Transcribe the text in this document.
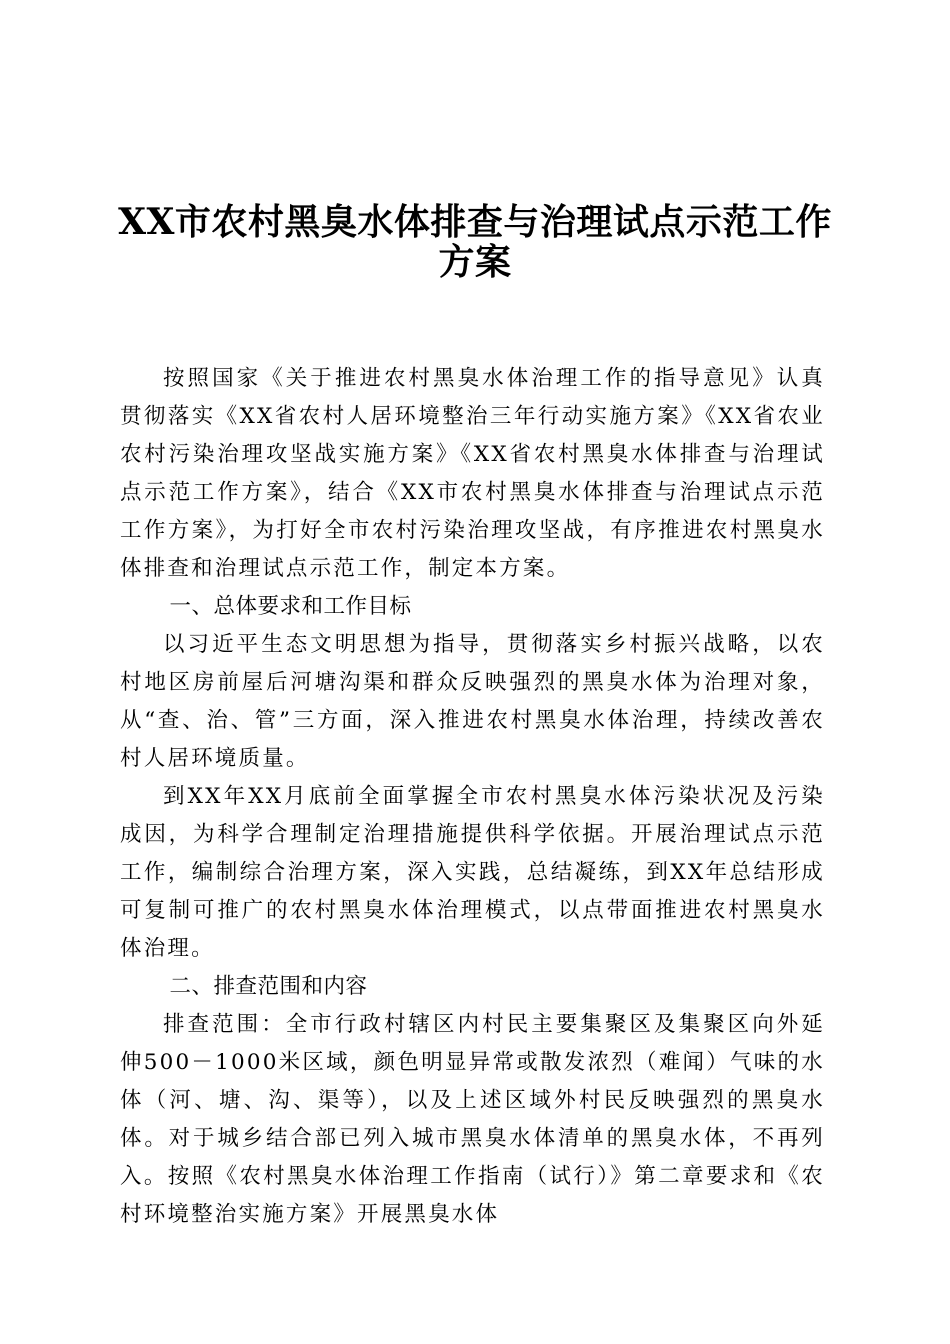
XX市农村黑臭水体排查与治理试点示范工作
方案

按照国家《关于推进农村黑臭水体治理工作的指导意见》认真贯彻落实《XX省农村人居环境整治三年行动实施方案》《XX省农业农村污染治理攻坚战实施方案》《XX省农村黑臭水体排查与治理试点示范工作方案》，结合《XX市农村黑臭水体排查与治理试点示范工作方案》，为打好全市农村污染治理攻坚战，有序推进农村黑臭水体排查和治理试点示范工作，制定本方案。

一、总体要求和工作目标

以习近平生态文明思想为指导，贯彻落实乡村振兴战略，以农村地区房前屋后河塘沟渠和群众反映强烈的黑臭水体为治理对象，从“查、治、管”三方面，深入推进农村黑臭水体治理，持续改善农村人居环境质量。

到XX年XX月底前全面掌握全市农村黑臭水体污染状况及污染成因，为科学合理制定治理措施提供科学依据。开展治理试点示范工作，编制综合治理方案，深入实践，总结凝练，到XX年总结形成可复制可推广的农村黑臭水体治理模式，以点带面推进农村黑臭水体治理。

二、排查范围和内容

排查范围：全市行政村辖区内村民主要集聚区及集聚区向外延伸500－1000米区域，颜色明显异常或散发浓烈（难闻）气味的水体（河、塘、沟、渠等），以及上述区域外村民反映强烈的黑臭水体。对于城乡结合部已列入城市黑臭水体清单的黑臭水体，不再列入。按照《农村黑臭水体治理工作指南（试行）》第二章要求和《农村环境整治实施方案》开展黑臭水体
